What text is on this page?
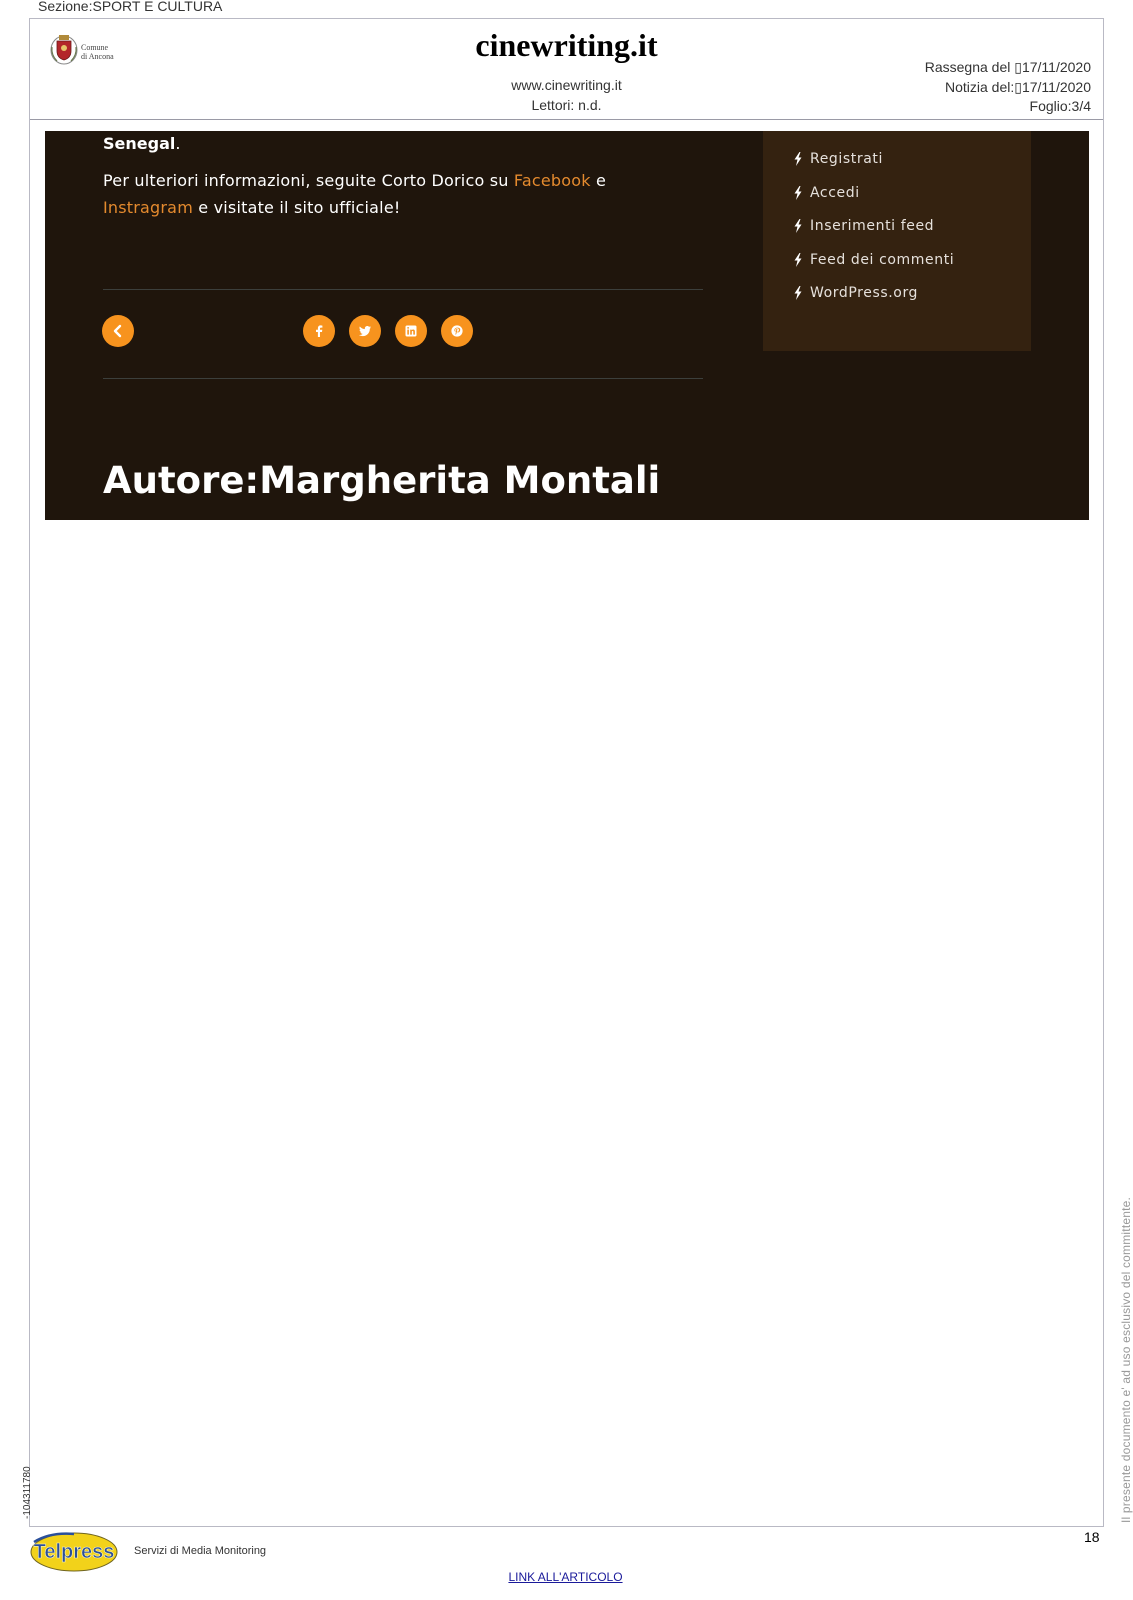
Sezione:SPORT E CULTURA
Comune
di Ancona	cinewriting.it
www.cinewriting.it
Lettori: n.d.
Rassegna del ▯17/11/2020
Notizia del:▯17/11/2020
Foglio:3/4
Senegal.
Per ulteriori informazioni, seguite Corto Dorico su Facebook e Instragram e visitate il sito ufficiale!
Autore:Margherita Montali
Registrati
Accedi
Inserimenti feed
Feed dei commenti
WordPress.org
Il presente documento e' ad uso esclusivo del committente.
-104311780
18
Telpress Servizi di Media Monitoring
LINK ALL'ARTICOLO
